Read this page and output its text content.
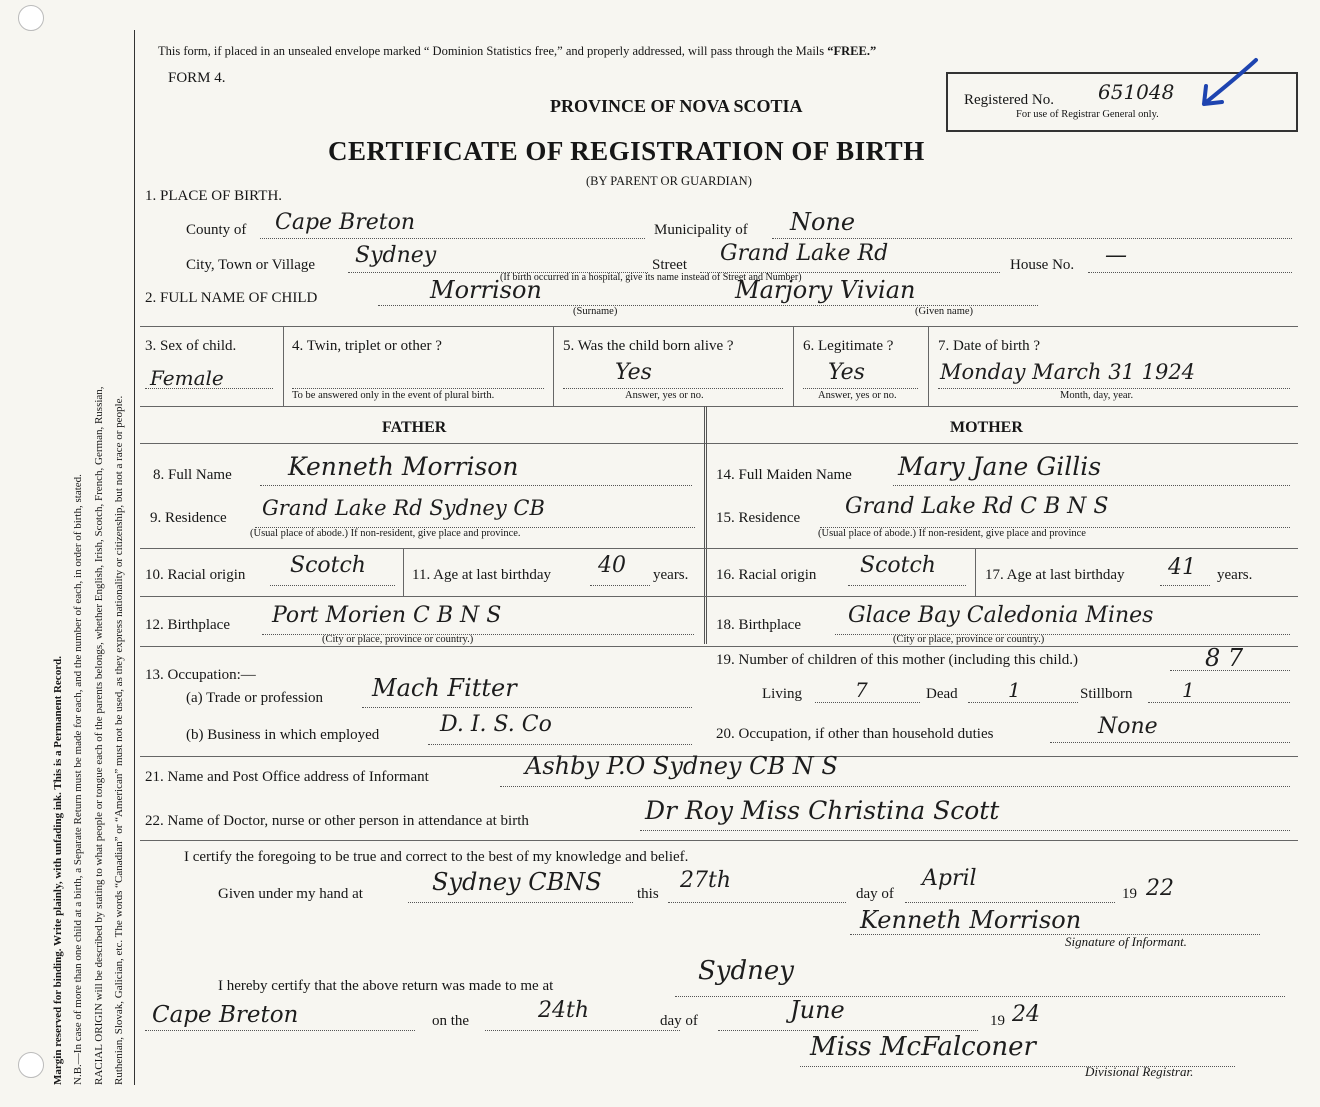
Margin reserved for binding. Write plainly, with unfading ink. This is a Permanent Record. N.B.—In case of more than one child at a birth, a Separate Return must be made for each, and the number of each, in order of birth, stated. RACIAL ORIGIN will be described by stating to what people or tongue each of the parents belongs, whether English, Irish, Scotch, French, German, Russian, Ruthenian, Slovak, Galician, etc. The words “Canadian” or “American” must not be used, as they express nationality or citizenship, but not a race or people.
This form, if placed in an unsealed envelope marked “ Dominion Statistics free,” and properly addressed, will pass through the Mails “FREE.”
FORM 4.
PROVINCE OF NOVA SCOTIA
CERTIFICATE OF REGISTRATION OF BIRTH
(BY PARENT OR GUARDIAN)
Registered No. 651048
For use of Registrar General only.
1. PLACE OF BIRTH.
County of Cape Breton	Municipality of None
City, Town or Village Sydney	Street Grand Lake Rd
(If birth occurred in a hospital, give its name instead of Street and Number)
House No. —
2. FULL NAME OF CHILD	Morrison	Marjory Vivian
(Surname)	(Given name)
3. Sex of child.
Female
4. Twin, triplet or other ?
To be answered only in the event of plural birth.
5. Was the child born alive ?
Yes
Answer, yes or no.
6. Legitimate ?
Yes
Answer, yes or no.
7. Date of birth ?
Monday March 31 1924
Month, day, year.
FATHER	MOTHER
8. Full Name Kenneth Morrison
9. Residence Grand Lake Rd Sydney CB
(Usual place of abode.) If non-resident, give place and province.
10. Racial origin Scotch	11. Age at last birthday 40 years.
12. Birthplace Port Morien C B N S
(City or place, province or country.)
13. Occupation:—
(a) Trade or profession Mach Fitter
(b) Business in which employed	D. I. S. Co
14. Full Maiden Name Mary Jane Gillis
15. Residence Grand Lake Rd C B N S
(Usual place of abode.) If non-resident, give place and province
16. Racial origin Scotch	17. Age at last birthday 41 years.
18. Birthplace Glace Bay Caledonia Mines
(City or place, province or country.)
19. Number of children of this mother (including this child.)	8 7
Living	7	Dead	1	Stillborn 1
20. Occupation, if other than household duties	None
21. Name and Post Office address of Informant	Ashby P.O Sydney CB N S
22. Name of Doctor, nurse or other person in attendance at birth	Dr Roy Miss Christina Scott
I certify the foregoing to be true and correct to the best of my knowledge and belief.
Given under my hand at	Sydney CBNS this
27th
day of
April
19 22
Kenneth Morrison
Signature of Informant.
I hereby certify that the above return was made to me at	Sydney
Cape Breton	on the	24th	day of	June	19 24
Miss McFalconer
Divisional Registrar.
